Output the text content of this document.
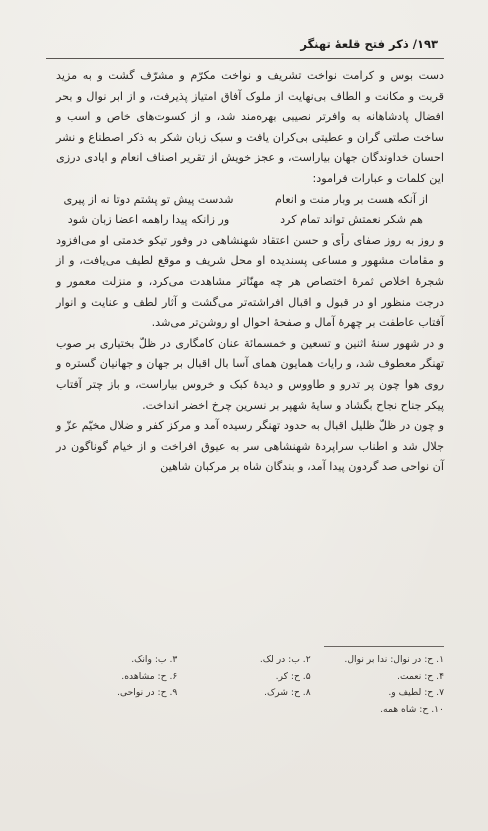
۱۹۳/ ذکر فتح قلعهٔ تهنگر

دست بوس و کرامت نواخت تشریف و نواخت مکرّم و مشرّف گشت و به مزید قربت و مکانت و الطاف بی‌نهایت از ملوک آفاق امتیاز پذیرفت، و از ابر نوال و بحر افضال پادشاهانه به وافرتر نصیبی بهره‌مند شد، و از کسوت‌های خاص و اسب و ساخت صلتی گران و عطیتی بی‌کران یافت و سبک زبان شکر به ذکر اصطناع و نشر احسان خداوندگان جهان بیاراست، و عجز خویش از تقریر اصناف انعام و ایادی درزی این کلمات و عبارات فرامود:

از آنکه هست بر وبار منت و انعام
شدست پیش تو پشتم دوتا نه از پیری
هم شکر نعمتش تواند تمام کرد
ور زانکه پیدا راهمه اعضا زبان شود

و روز به روز صفای رأی و حسن اعتقاد شهنشاهی در وفور تیکو خدمتی او می‌افزود و مقامات مشهور و مساعی پسندیده او محل شریف و موقع لطیف می‌یافت، و از شجرهٔ اخلاص ثمرهٔ اختصاص هر چه مهنّاتر مشاهدت می‌کرد، و منزلت معمور و درجت منظور او در قبول و اقبال افراشته‌تر می‌گشت و آثار لطف و عنایت و انوار آفتاب عاطفت بر چهرهٔ آمال و صفحهٔ احوال او روشن‌تر می‌شد.

و در شهور سنهٔ اثنین و تسعین و خمسمائة عنان کامگاری در ظلّ بختیاری بر صوب تهنگر معطوف شد، و رایات همایون همای آسا بال اقبال بر جهان و جهانیان گستره و روی هوا چون پر تدرو و طاووس و دیدهٔ کبک و خروس بیاراست، و باز چتر آفتاب پیکر جناح نجاح بگشاد و سایهٔ شهپر بر نسرین چرخ اخضر انداخت.

و چون در ظلّ ظلیل اقبال به حدود تهنگر رسیده آمد و مرکز کفر و ضلال مخیّم عزّ و جلال شد و اطناب سراپردهٔ شهنشاهی سر به عیوق افراخت و از خیام گوناگون در آن نواحی صد گردون پیدا آمد، و بندگان شاه بر مرکبان شاهین

۱. ح: در نوال: ندا بر نوال.
۲. ب: در لک.
۳. ب: وانک.
۴. ح: نعمت.
۵. ح: کر.
۶. ح: مشاهده.
۷. ح: لطیف و.
۸. ح: شرک.
۹. ح: در نواحی.
۱۰. ح: شاه همه.
